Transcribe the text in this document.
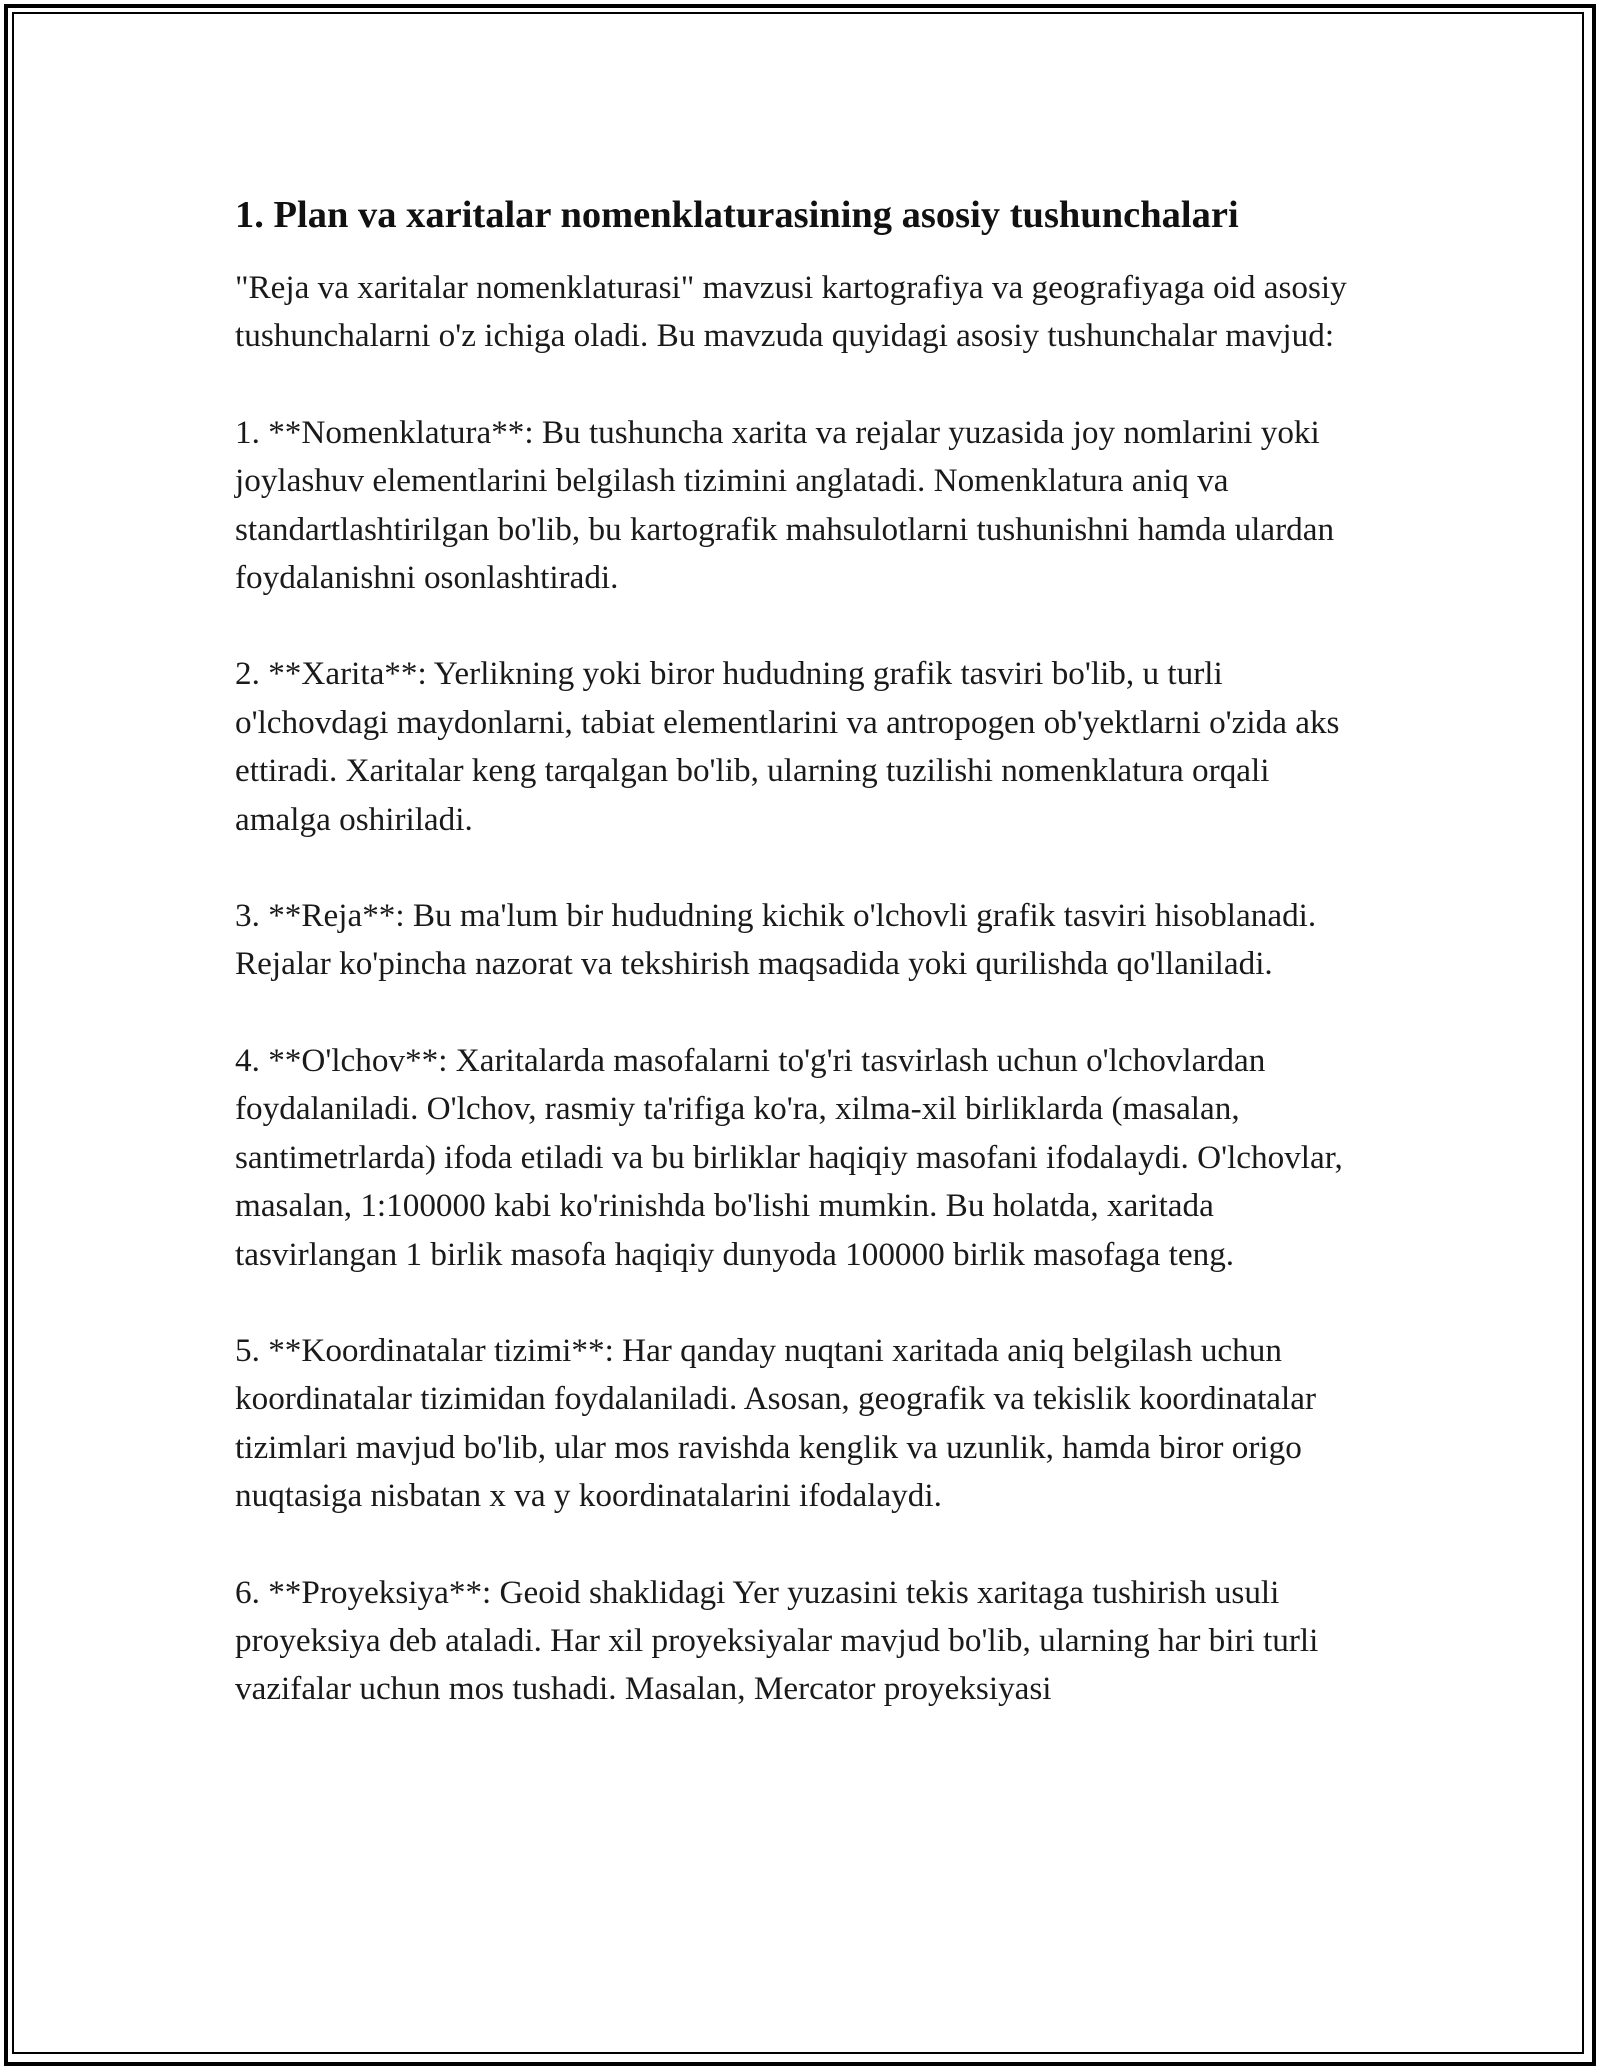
1. Plan va xaritalar nomenklaturasining asosiy tushunchalari

"Reja va xaritalar nomenklaturasi" mavzusi kartografiya va geografiyaga oid asosiy tushunchalarni o'z ichiga oladi. Bu mavzuda quyidagi asosiy tushunchalar mavjud:

1. **Nomenklatura**: Bu tushuncha xarita va rejalar yuzasida joy nomlarini yoki joylashuv elementlarini belgilash tizimini anglatadi. Nomenklatura aniq va standartlashtirilgan bo'lib, bu kartografik mahsulotlarni tushunishni hamda ulardan foydalanishni osonlashtiradi.

2. **Xarita**: Yerlikning yoki biror hududning grafik tasviri bo'lib, u turli o'lchovdagi maydonlarni, tabiat elementlarini va antropogen ob'yektlarni o'zida aks ettiradi. Xaritalar keng tarqalgan bo'lib, ularning tuzilishi nomenklatura orqali amalga oshiriladi.

3. **Reja**: Bu ma'lum bir hududning kichik o'lchovli grafik tasviri hisoblanadi. Rejalar ko'pincha nazorat va tekshirish maqsadida yoki qurilishda qo'llaniladi.

4. **O'lchov**: Xaritalarda masofalarni to'g'ri tasvirlash uchun o'lchovlardan foydalaniladi. O'lchov, rasmiy ta'rifiga ko'ra, xilma-xil birliklarda (masalan, santimetrlarda) ifoda etiladi va bu birliklar haqiqiy masofani ifodalaydi. O'lchovlar, masalan, 1:100000 kabi ko'rinishda bo'lishi mumkin. Bu holatda, xaritada tasvirlangan 1 birlik masofa haqiqiy dunyoda 100000 birlik masofaga teng.

5. **Koordinatalar tizimi**: Har qanday nuqtani xaritada aniq belgilash uchun koordinatalar tizimidan foydalaniladi. Asosan, geografik va tekislik koordinatalar tizimlari mavjud bo'lib, ular mos ravishda kenglik va uzunlik, hamda biror origo nuqtasiga nisbatan x va y koordinatalarini ifodalaydi.

6. **Proyeksiya**: Geoid shaklidagi Yer yuzasini tekis xaritaga tushirish usuli proyeksiya deb ataladi. Har xil proyeksiyalar mavjud bo'lib, ularning har biri turli vazifalar uchun mos tushadi. Masalan, Mercator proyeksiyasi
